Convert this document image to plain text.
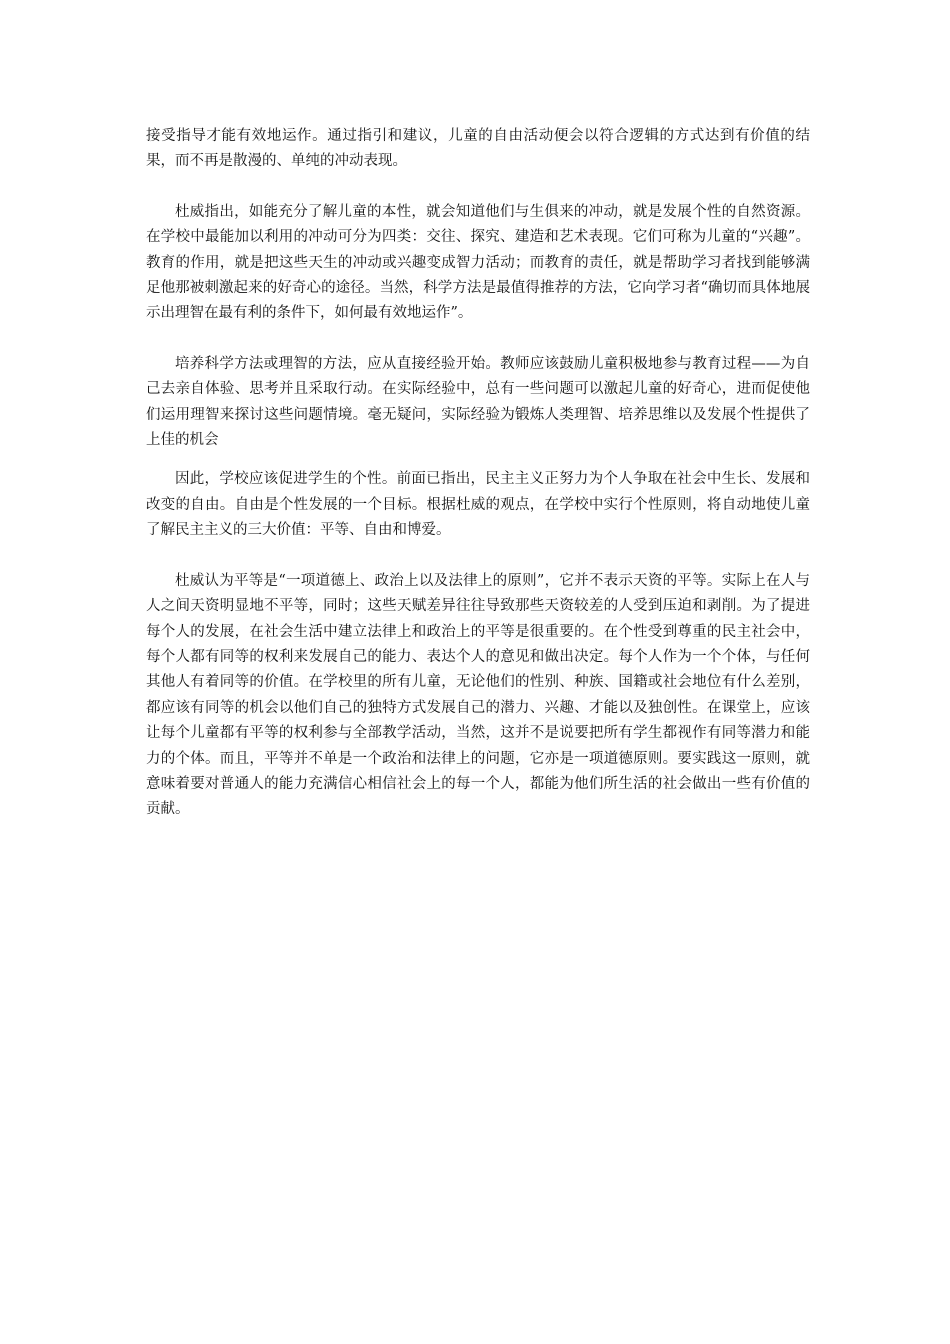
接受指导才能有效地运作。通过指引和建议，儿童的自由活动便会以符合逻辑的方式达到有价值的结果，而不再是散漫的、单纯的冲动表现。

杜威指出，如能充分了解儿童的本性，就会知道他们与生俱来的冲动，就是发展个性的自然资源。在学校中最能加以利用的冲动可分为四类：交往、探究、建造和艺术表现。它们可称为儿童的“兴趣”。教育的作用，就是把这些天生的冲动或兴趣变成智力活动；而教育的责任，就是帮助学习者找到能够满足他那被刺激起来的好奇心的途径。当然，科学方法是最值得推荐的方法，它向学习者“确切而具体地展示出理智在最有利的条件下，如何最有效地运作”。

培养科学方法或理智的方法，应从直接经验开始。教师应该鼓励儿童积极地参与教育过程——为自己去亲自体验、思考并且采取行动。在实际经验中，总有一些问题可以激起儿童的好奇心，进而促使他们运用理智来探讨这些问题情境。毫无疑问，实际经验为锻炼人类理智、培养思维以及发展个性提供了上佳的机会

因此，学校应该促进学生的个性。前面已指出，民主主义正努力为个人争取在社会中生长、发展和改变的自由。自由是个性发展的一个目标。根据杜威的观点，在学校中实行个性原则，将自动地使儿童了解民主主义的三大价值：平等、自由和博爱。

杜威认为平等是“一项道德上、政治上以及法律上的原则”，它并不表示天资的平等。实际上在人与人之间天资明显地不平等，同时；这些天赋差异往往导致那些天资较差的人受到压迫和剥削。为了提进每个人的发展，在社会生活中建立法律上和政治上的平等是很重要的。在个性受到尊重的民主社会中，每个人都有同等的权利来发展自己的能力、表达个人的意见和做出决定。每个人作为一个个体，与任何其他人有着同等的价值。在学校里的所有儿童，无论他们的性别、种族、国籍或社会地位有什么差别，都应该有同等的机会以他们自己的独特方式发展自己的潜力、兴趣、才能以及独创性。在课堂上，应该让每个儿童都有平等的权利参与全部教学活动，当然，这并不是说要把所有学生都视作有同等潜力和能力的个体。而且，平等并不单是一个政治和法律上的问题，它亦是一项道德原则。要实践这一原则，就意味着要对普通人的能力充满信心相信社会上的每一个人，都能为他们所生活的社会做出一些有价值的贡献。
